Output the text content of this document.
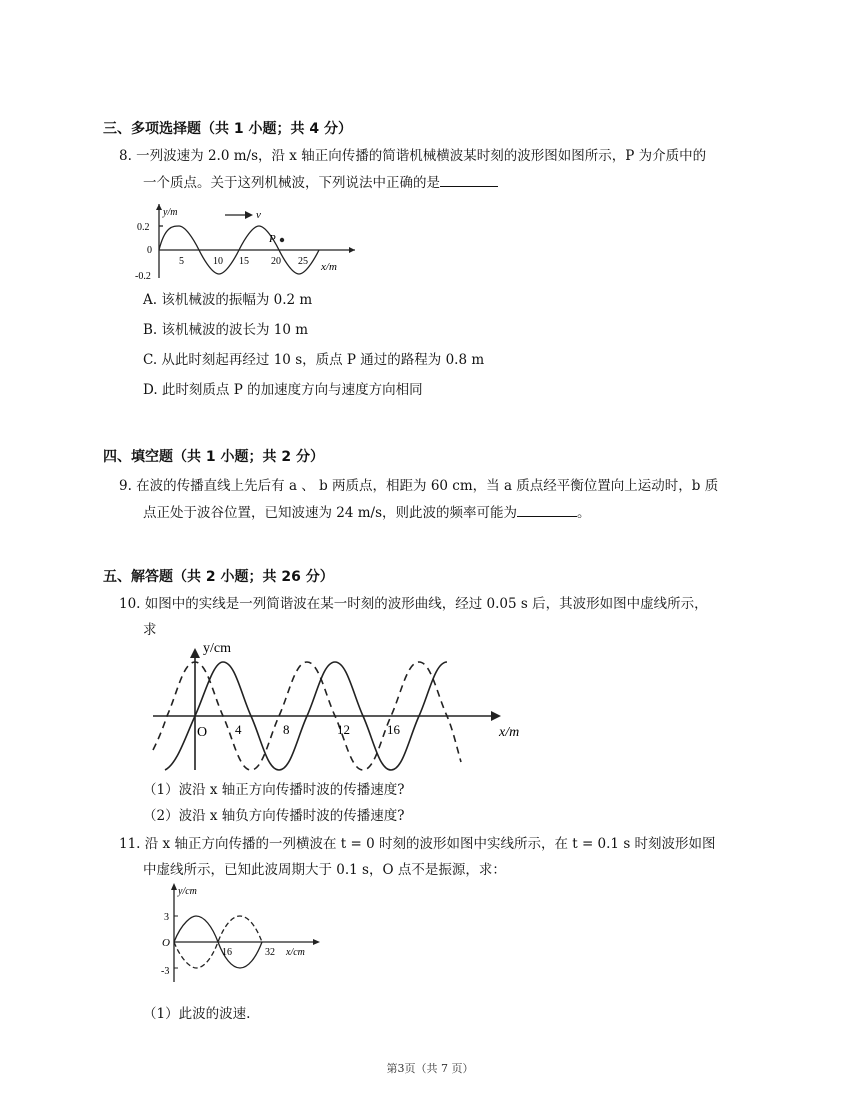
三、多项选择题（共 1 小题；共 4 分）
8. 一列波速为 2.0 m/s，沿 x 轴正向传播的简谐机械横波某时刻的波形图如图所示，P 为介质中的
一个质点。关于这列机械波，下列说法中正确的是
y/m	v
P
0.2
0
-0.2
5	10 15 20 25 x/m
A. 该机械波的振幅为 0.2 m
B. 该机械波的波长为 10 m
C. 从此时刻起再经过 10 s，质点 P 通过的路程为 0.8 m
D. 此时刻质点 P 的加速度方向与速度方向相同
四、填空题（共 1 小题；共 2 分）
9. 在波的传播直线上先后有 a 、 b 两质点，相距为 60 cm，当 a 质点经平衡位置向上运动时，b 质
点正处于波谷位置，已知波速为 24 m/s，则此波的频率可能为	。
五、解答题（共 2 小题；共 26 分）
10. 如图中的实线是一列简谐波在某一时刻的波形曲线，经过 0.05 s 后，其波形如图中虚线所示，
求
y/cm
O 4	8	12	16	x/m
（1）波沿 x 轴正方向传播时波的传播速度?
（2）波沿 x 轴负方向传播时波的传播速度?
11. 沿 x 轴正方向传播的一列横波在 t = 0 时刻的波形如图中实线所示，在 t = 0.1 s 时刻波形如图
中虚线所示，已知此波周期大于 0.1 s，O 点不是振源，求：
y/cm
3
-3
O
16	32 x/cm
（1）此波的波速.
第3页（共 7 页）
